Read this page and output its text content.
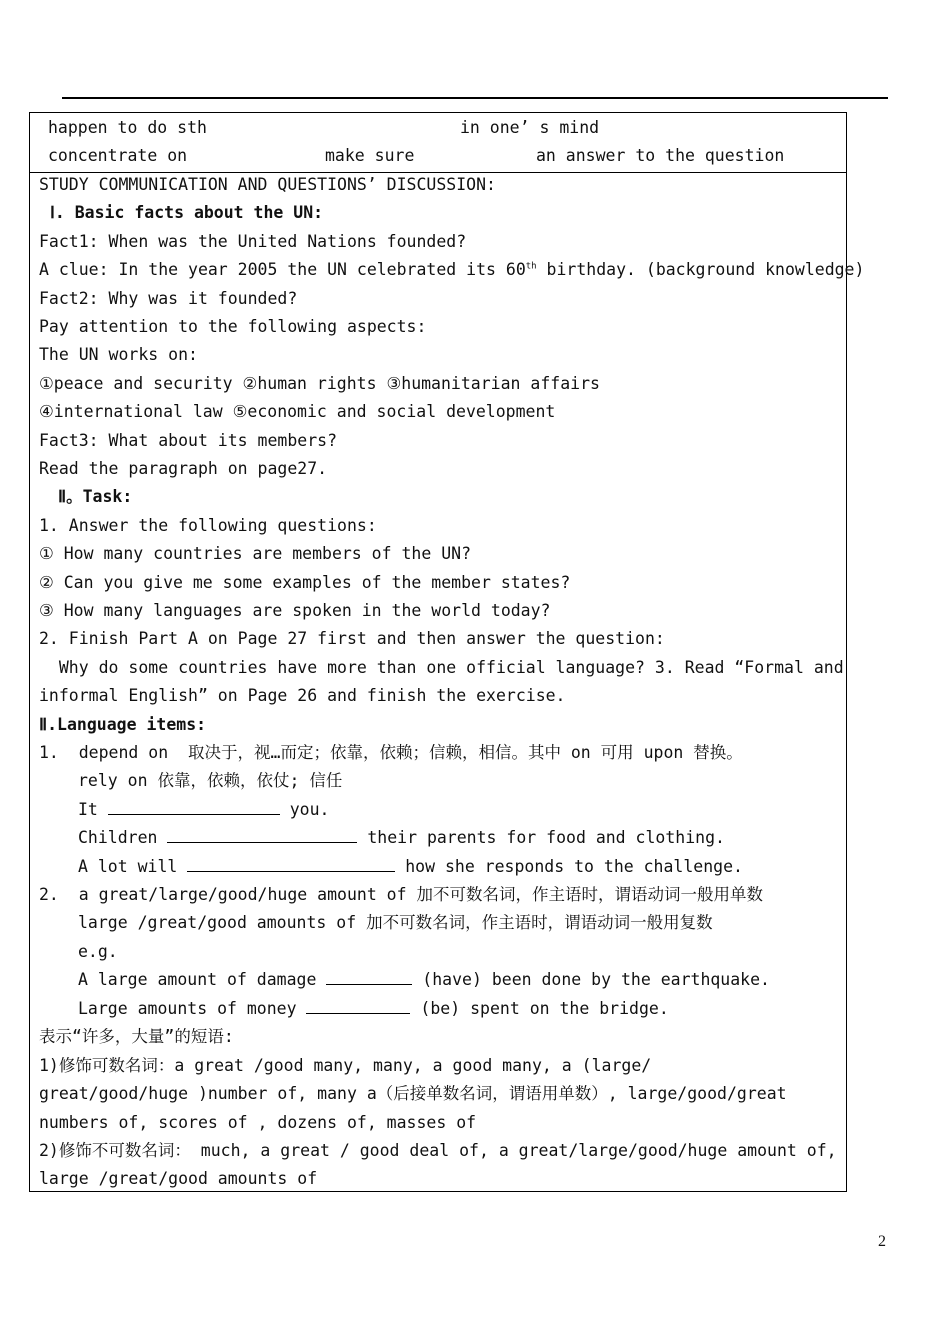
happen to do sth	in one’ s mind
concentrate on	make sure	an answer to the question
STUDY COMMUNICATION AND QUESTIONS’ DISCUSSION:
Ⅰ. Basic facts about the UN:
Fact1: When was the United Nations founded?
A clue: In the year 2005 the UN celebrated its 60th birthday. (background knowledge)
Fact2: Why was it founded?
Pay attention to the following aspects:
The UN works on:
①peace and security ②human rights ③humanitarian affairs
④international law ⑤economic and social development
Fact3: What about its members?
Read the paragraph on page27.
Ⅱ。Task:
1. Answer the following questions:
① How many countries are members of the UN?
② Can you give me some examples of the member states?
③ How many languages are spoken in the world today?
2. Finish Part A on Page 27 first and then answer the question:
Why do some countries have more than one official language? 3. Read “Formal and
informal English” on Page 26 and finish the exercise.
Ⅱ.Language items:
1.  depend on  取决于，视…而定；依靠，依赖；信赖，相信。其中 on 可用 upon 替换。
rely on 依靠，依赖，依仗; 信任
It	you.
Children	their parents for food and clothing.
A lot will	how she responds to the challenge.
2.  a great/large/good/huge amount of 加不可数名词，作主语时，谓语动词一般用单数
large /great/good amounts of 加不可数名词，作主语时，谓语动词一般用复数
e.g.
A large amount of damage	(have) been done by the earthquake.
Large amounts of money	(be) spent on the bridge.
表示“许多，大量”的短语:
1)修饰可数名词：a great /good many, many, a good many, a (large/
great/good/huge )number of, many a（后接单数名词，谓语用单数）, large/good/great
numbers of, scores of , dozens of, masses of
2)修饰不可数名词： much, a great / good deal of, a great/large/good/huge amount of,
large /great/good amounts of
2
